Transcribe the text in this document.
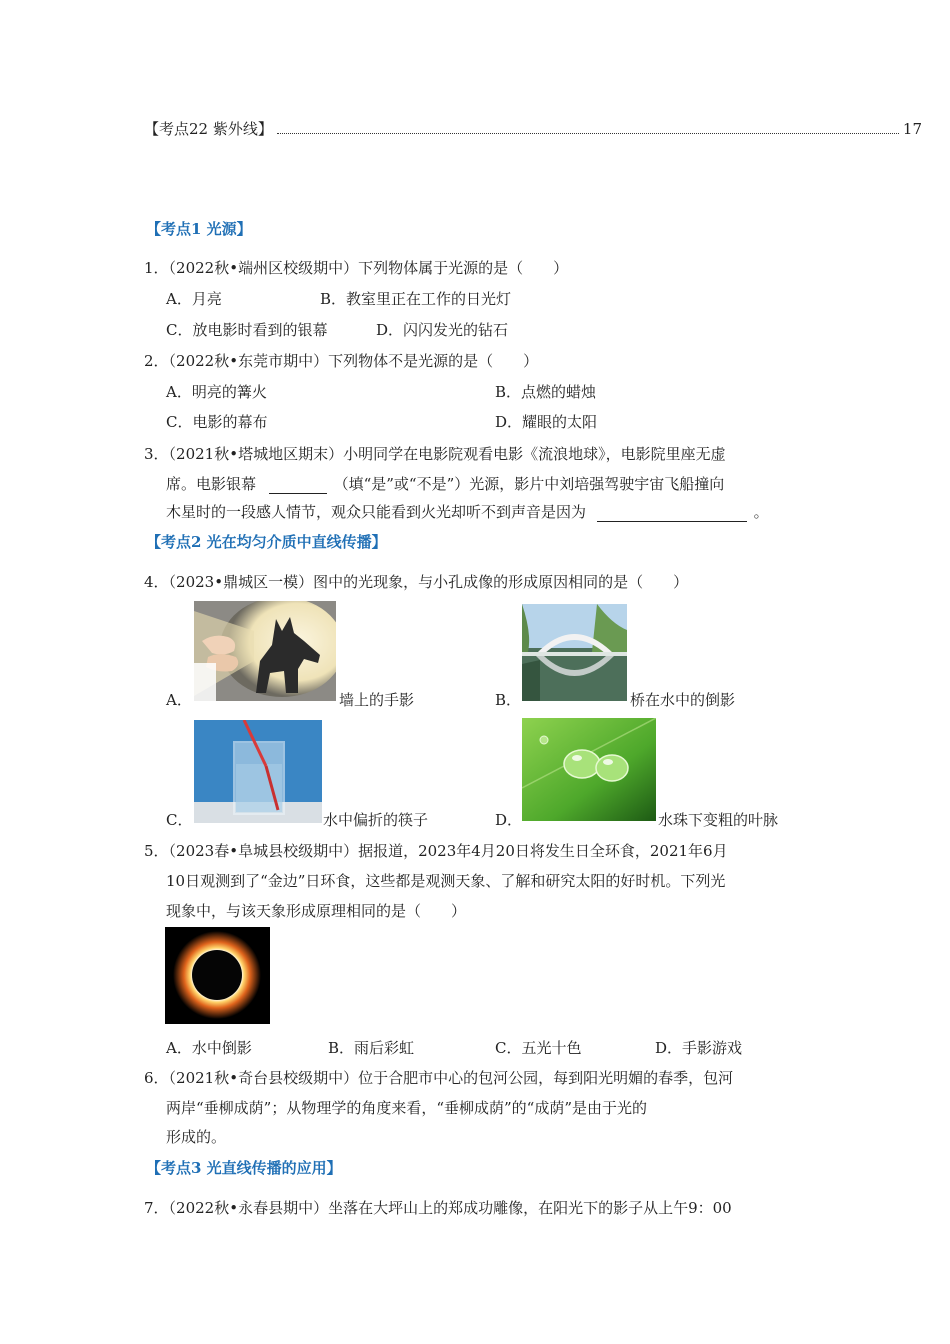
【考点22 紫外线】	17
【考点1 光源】
1．（2022秋•端州区校级期中）下列物体属于光源的是（　　）
A．月亮	B．教室里正在工作的日光灯
C．放电影时看到的银幕	D．闪闪发光的钻石
2．（2022秋•东莞市期中）下列物体不是光源的是（　　）
A．明亮的篝火	B．点燃的蜡烛
C．电影的幕布	D．耀眼的太阳
3．（2021秋•塔城地区期末）小明同学在电影院观看电影《流浪地球》，电影院里座无虚
席。电影银幕	（填“是”或“不是”）光源，影片中刘培强驾驶宇宙飞船撞向
木星时的一段感人情节，观众只能看到火光却听不到声音是因为	。
【考点2 光在均匀介质中直线传播】
4．（2023•鼎城区一模）图中的光现象，与小孔成像的形成原因相同的是（　　）
A．	墙上的手影	B．	桥在水中的倒影
C．	水中偏折的筷子	D．	水珠下变粗的叶脉
5．（2023春•阜城县校级期中）据报道，2023年4月20日将发生日全环食，2021年6月
10日观测到了“金边”日环食，这些都是观测天象、了解和研究太阳的好时机。下列光
现象中，与该天象形成原理相同的是（　　）
A．水中倒影	B．雨后彩虹	C．五光十色	D．手影游戏
6．（2021秋•奇台县校级期中）位于合肥市中心的包河公园，每到阳光明媚的春季，包河
两岸“垂柳成荫”；从物理学的角度来看，“垂柳成荫”的“成荫”是由于光的
形成的。
【考点3 光直线传播的应用】
7．（2022秋•永春县期中）坐落在大坪山上的郑成功雕像，在阳光下的影子从上午9：00
